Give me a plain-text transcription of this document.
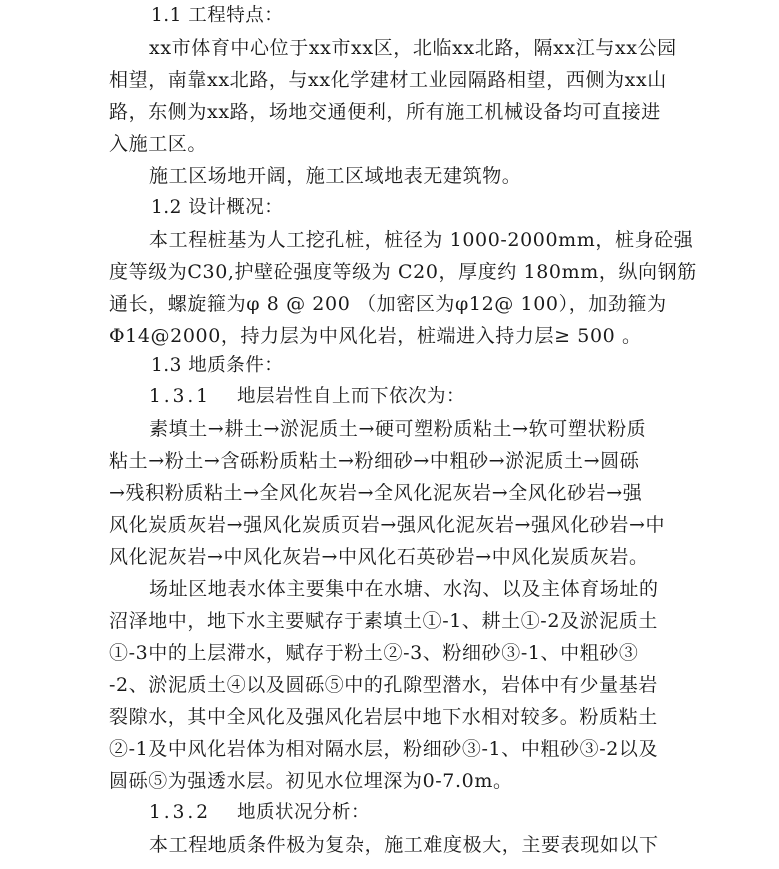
1.1 工程特点：

xx市体育中心位于xx市xx区，北临xx北路，隔xx江与xx公园
相望，南靠xx北路，与xx化学建材工业园隔路相望，西侧为xx山
路，东侧为xx路，场地交通便利，所有施工机械设备均可直接进
入施工区。
施工区场地开阔，施工区域地表无建筑物。

1.2 设计概况：

本工程桩基为人工挖孔桩，桩径为 1000-2000mm，桩身砼强
度等级为C30,护壁砼强度等级为 C20，厚度约 180mm，纵向钢筋
通长，螺旋箍为φ 8 @ 200 （加密区为φ12@ 100），加劲箍为
Φ14@2000，持力层为中风化岩，桩端进入持力层≥ 500 。

1.3 地质条件：

1.3.1 地层岩性自上而下依次为：

素填土→耕土→淤泥质土→硬可塑粉质粘土→软可塑状粉质
粘土→粉土→含砾粉质粘土→粉细砂→中粗砂→淤泥质土→圆砾
→残积粉质粘土→全风化灰岩→全风化泥灰岩→全风化砂岩→强
风化炭质灰岩→强风化炭质页岩→强风化泥灰岩→强风化砂岩→中
风化泥灰岩→中风化灰岩→中风化石英砂岩→中风化炭质灰岩。
场址区地表水体主要集中在水塘、水沟、以及主体育场址的
沼泽地中，地下水主要赋存于素填土①-1、耕土①-2及淤泥质土
①-3中的上层滞水，赋存于粉土②-3、粉细砂③-1、中粗砂③
-2、淤泥质土④以及圆砾⑤中的孔隙型潜水，岩体中有少量基岩
裂隙水，其中全风化及强风化岩层中地下水相对较多。粉质粘土
②-1及中风化岩体为相对隔水层，粉细砂③-1、中粗砂③-2以及
圆砾⑤为强透水层。初见水位埋深为0-7.0m。

1.3.2 地质状况分析：

本工程地质条件极为复杂，施工难度极大，主要表现如以下
